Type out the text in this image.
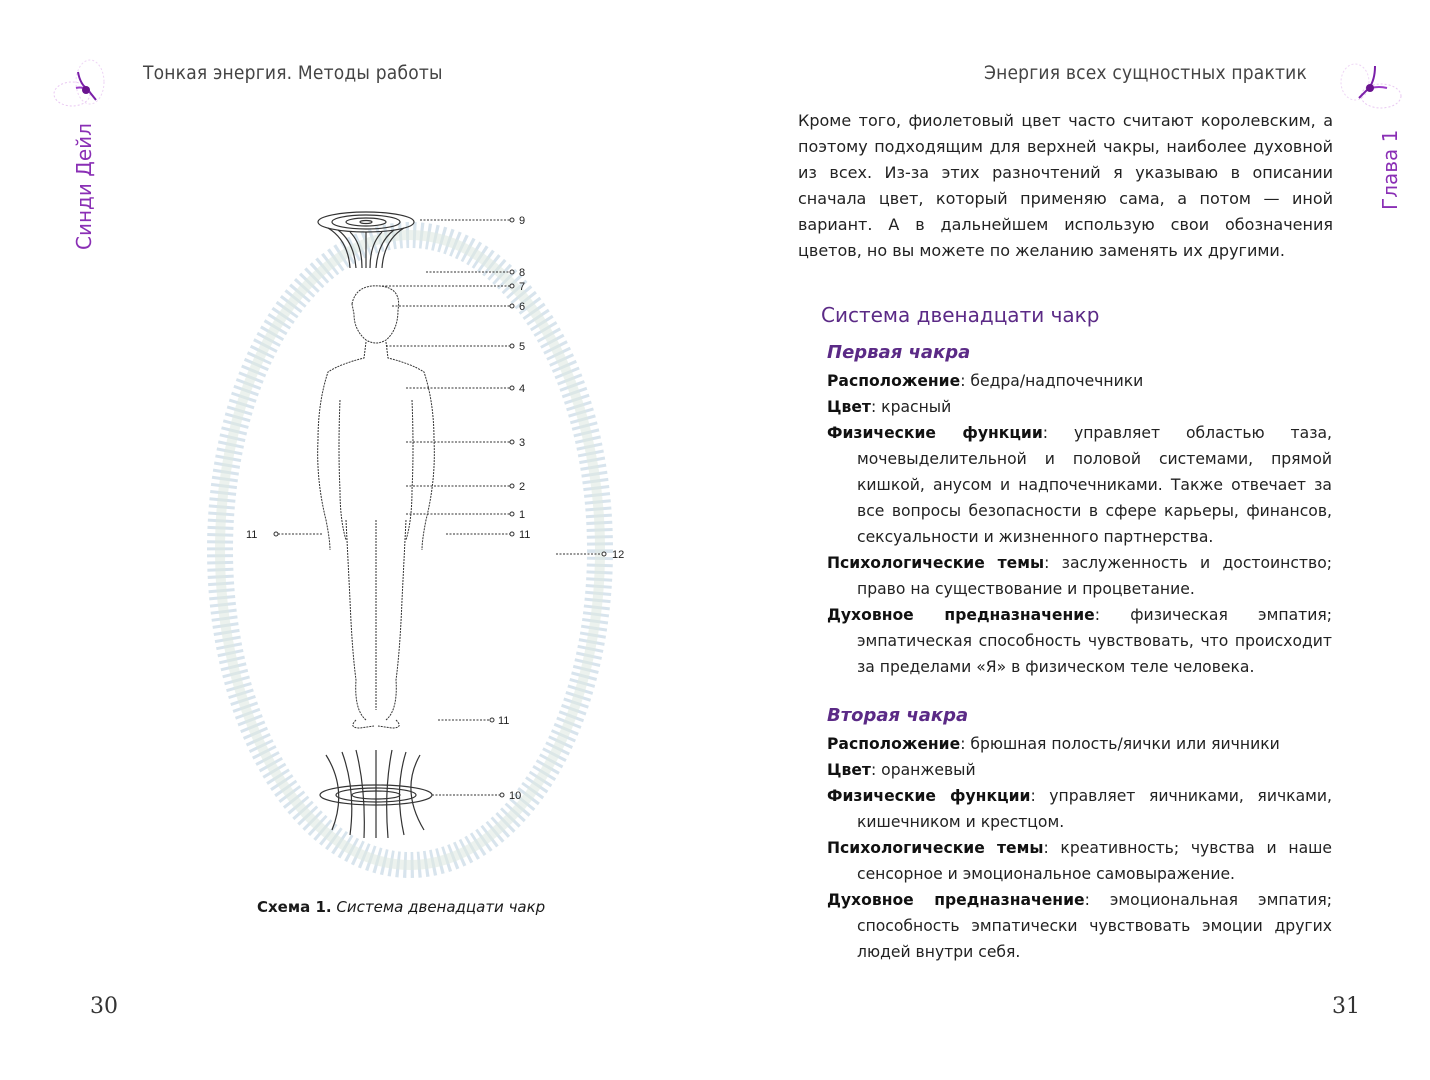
Тонкая энергия. Методы работы
Синди Дейл	9
8
7
6
5
4
3
2
1
11	11
12
11
10
Схема 1. Система двенадцати чакр
30
Энергия всех сущностных практик
Глава 1
Кроме того, фиолетовый цвет часто считают королевским, а поэтому подходящим для верхней чакры, наиболее духовной из всех. Из-за этих разночтений я указываю в описании сначала цвет, который применяю сама, а потом — иной вариант. А в дальнейшем использую свои обозначения цветов, но вы можете по желанию заменять их другими.
Система двенадцати чакр
Первая чакра
Расположение: бедра/надпочечники
Цвет: красный
Физические функции: управляет областью таза, мочевыделительной и половой системами, прямой кишкой, анусом и надпочечниками. Также отвечает за все вопросы безопасности в сфере карьеры, финансов, сексуальности и жизненного партнерства.
Психологические темы: заслуженность и достоинство; право на существование и процветание.
Духовное предназначение: физическая эмпатия; эмпатическая способность чувствовать, что происходит за пределами «Я» в физическом теле человека.
Вторая чакра
Расположение: брюшная полость/яички или яичники
Цвет: оранжевый
Физические функции: управляет яичниками, яичками, кишечником и крестцом.
Психологические темы: креативность; чувства и наше сенсорное и эмоциональное самовыражение.
Духовное предназначение: эмоциональная эмпатия; способность эмпатически чувствовать эмоции других людей внутри себя.
31
